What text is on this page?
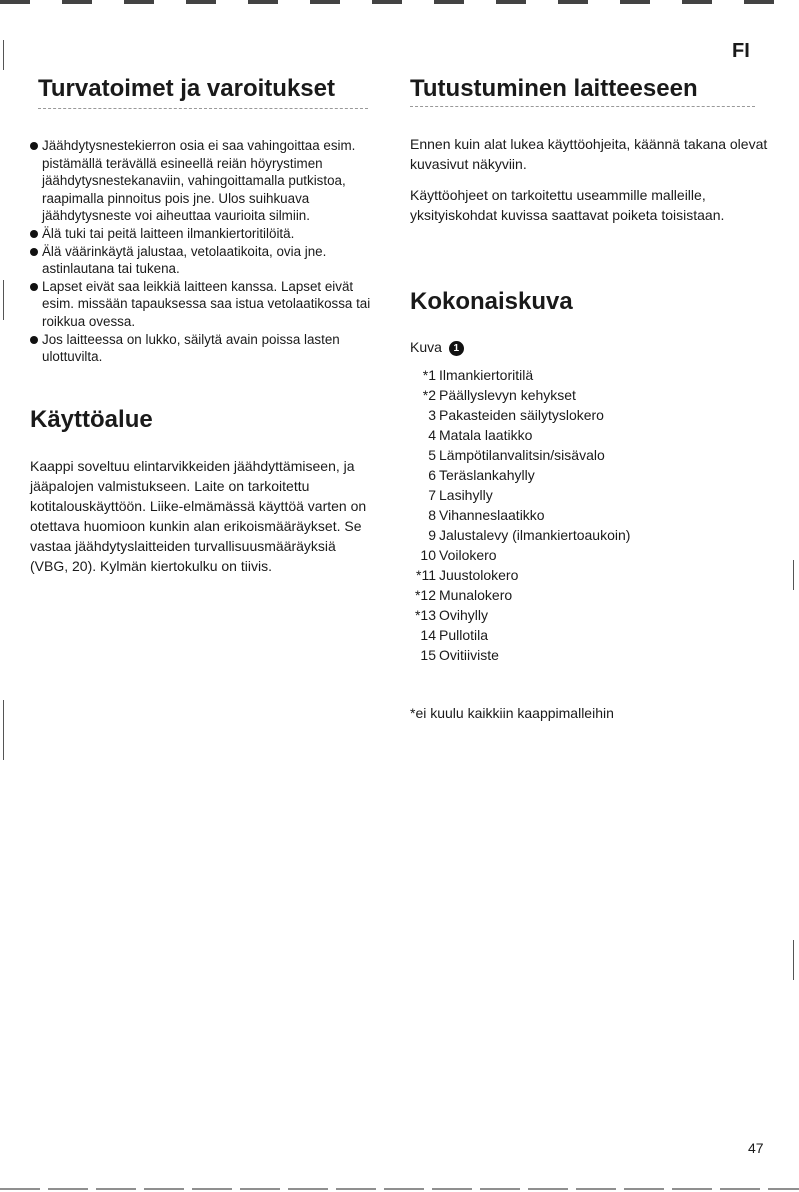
FI
Turvatoimet ja varoitukset
Jäähdytysnestekierron osia ei saa vahingoittaa esim. pistämällä terävällä esineellä reiän höyrystimen jäähdytysnestekanaviin, vahingoittamalla putkistoa, raapimalla pinnoitus pois jne. Ulos suihkuava jäähdytysneste voi aiheuttaa vaurioita silmiin.
Älä tuki tai peitä laitteen ilmankiertoritilöitä.
Älä väärinkäytä jalustaa, vetolaatikoita, ovia jne. astinlautana tai tukena.
Lapset eivät saa leikkiä laitteen kanssa. Lapset eivät esim. missään tapauksessa saa istua vetolaatikossa tai roikkua ovessa.
Jos laitteessa on lukko, säilytä avain poissa lasten ulottuvilta.
Käyttöalue

Kaappi soveltuu elintarvikkeiden jäähdyttämiseen, ja jääpalojen valmistukseen. Laite on tarkoitettu kotitalouskäyttöön. Liike-elmämässä käyttöä varten on otettava huomioon kunkin alan erikoismääräykset. Se vastaa jäähdytyslaitteiden turvallisuusmääräyksiä (VBG, 20). Kylmän kiertokulku on tiivis.

Tutustuminen laitteeseen

Ennen kuin alat lukea käyttöohjeita, käännä takana olevat kuvasivut näkyviin.

Käyttöohjeet on tarkoitettu useammille malleille, yksityiskohdat kuvissa saattavat poiketa toisistaan.

Kokonaiskuva
Kuva 1
*1 Ilmankiertoritilä
*2 Päällyslevyn kehykset
3 Pakasteiden säilytyslokero
4 Matala laatikko
5 Lämpötilanvalitsin/sisävalo
6 Teräslankahylly
7 Lasihylly
8 Vihanneslaatikko
9 Jalustalevy (ilmankiertoaukoin)
10 Voilokero
*11 Juustolokero
*12 Munalokero
*13 Ovihylly
14 Pullotila
15 Ovitiiviste

*ei kuulu kaikkiin kaappimalleihin

47
